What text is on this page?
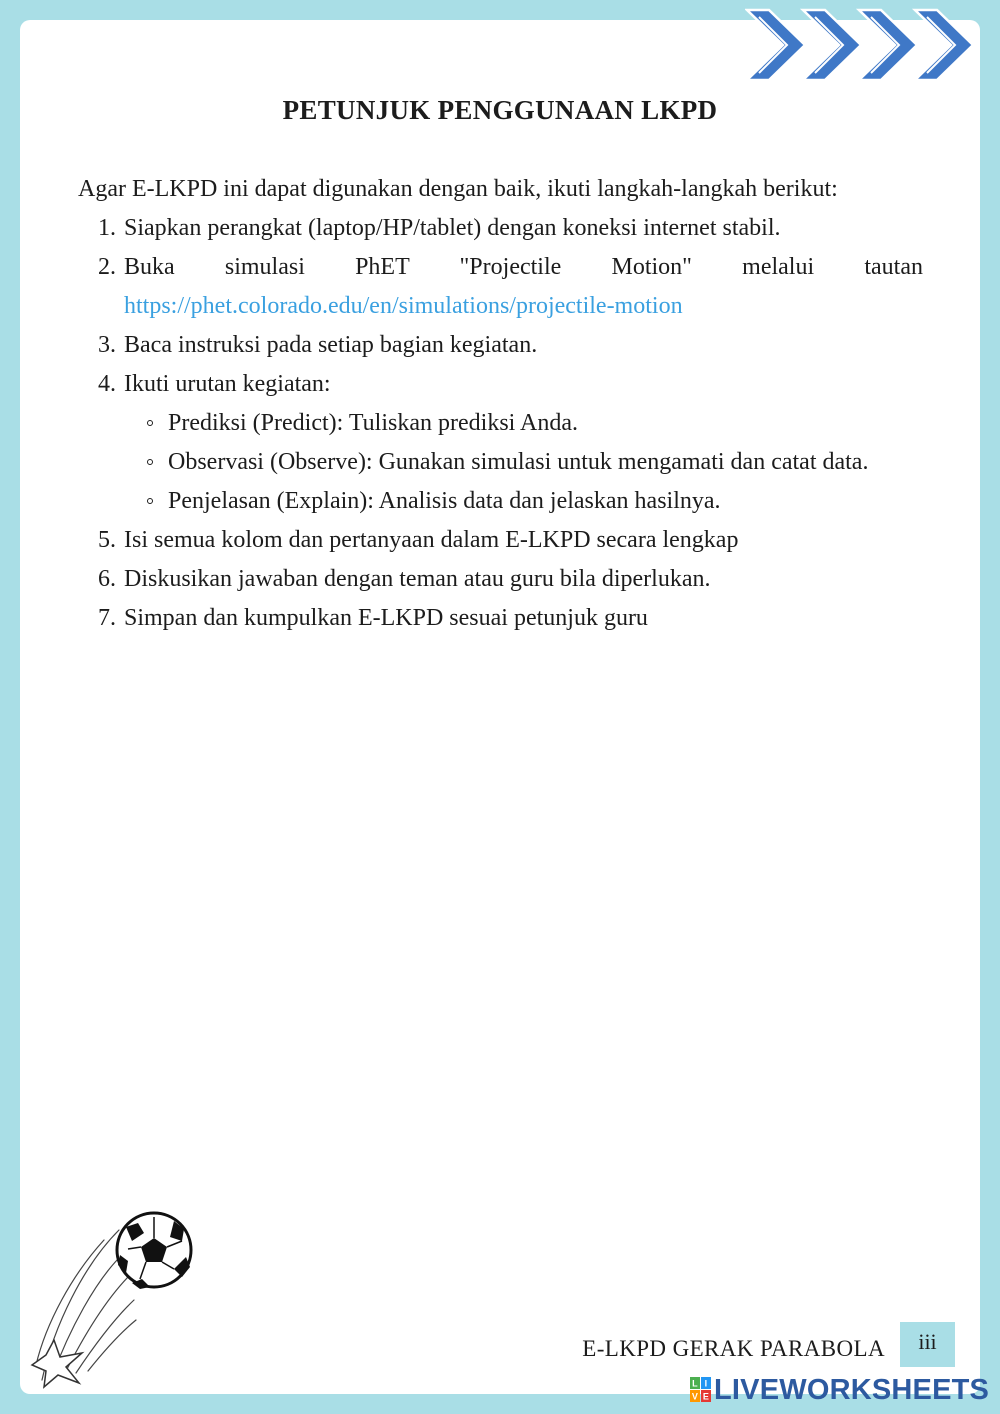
PETUNJUK PENGGUNAAN LKPD

Agar E-LKPD ini dapat digunakan dengan baik, ikuti langkah-langkah berikut:

1. Siapkan perangkat (laptop/HP/tablet) dengan koneksi internet stabil.
2. Buka simulasi PhET "Projectile Motion" melalui tautan https://phet.colorado.edu/en/simulations/projectile-motion
3. Baca instruksi pada setiap bagian kegiatan.
4. Ikuti urutan kegiatan:
Prediksi (Predict): Tuliskan prediksi Anda.
Observasi (Observe): Gunakan simulasi untuk mengamati dan catat data.
Penjelasan (Explain): Analisis data dan jelaskan hasilnya.
5. Isi semua kolom dan pertanyaan dalam E-LKPD secara lengkap
6. Diskusikan jawaban dengan teman atau guru bila diperlukan.
7. Simpan dan kumpulkan E-LKPD sesuai petunjuk guru
E-LKPD GERAK PARABOLA	iii
L I
V E LIVEWORKSHEETS
